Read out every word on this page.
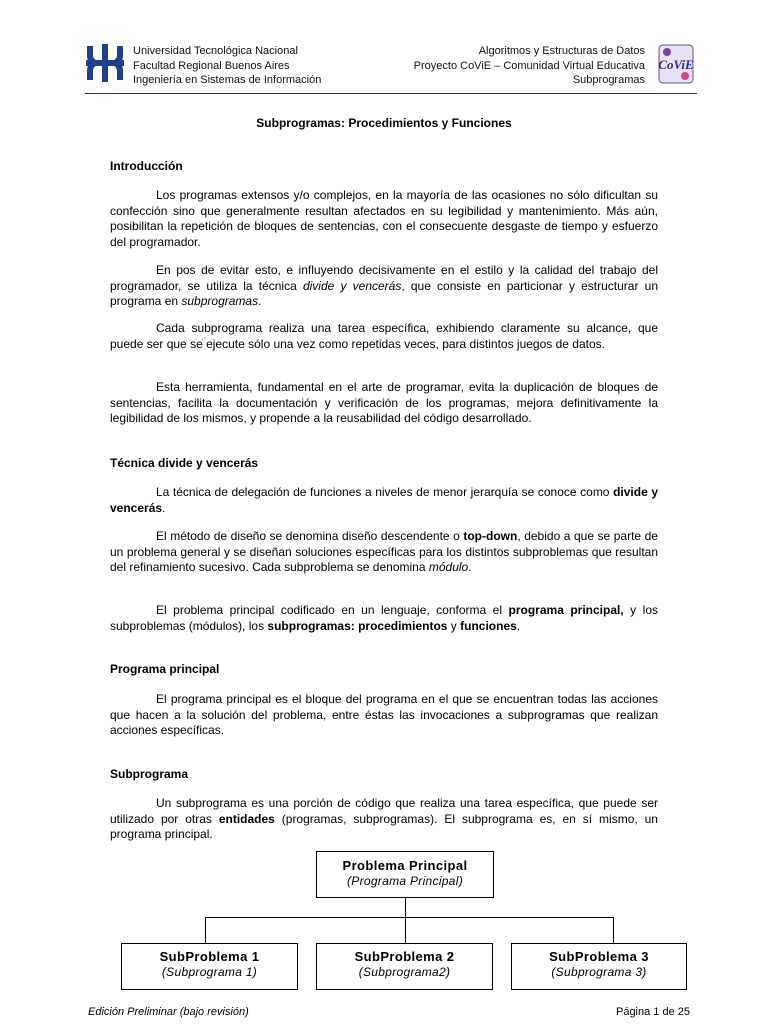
Universidad Tecnológica Nacional
Facultad Regional Buenos Aires
Ingeniería en Sistemas de Información
Algoritmos y Estructuras de Datos
Proyecto CoViE – Comunidad Virtual Educativa
Subprogramas
CoViE
Subprogramas: Procedimientos y Funciones
Introducción
Los programas extensos y/o complejos, en la mayoría de las ocasiones no sólo dificultan su confección sino que generalmente resultan afectados en su legibilidad y mantenimiento. Más aún, posibilitan la repetición de bloques de sentencias, con el consecuente desgaste de tiempo y esfuerzo del programador.
En pos de evitar esto, e influyendo decisivamente en el estilo y la calidad del trabajo del programador, se utiliza la técnica divide y vencerás, que consiste en particionar y estructurar un programa en subprogramas.
Cada subprograma realiza una tarea específica, exhibiendo claramente su alcance, que puede ser que se ejecute sólo una vez como repetidas veces, para distintos juegos de datos.
Esta herramienta, fundamental en el arte de programar, evita la duplicación de bloques de sentencias, facilita la documentación y verificación de los programas, mejora definitivamente la legibilidad de los mismos, y propende a la reusabilidad del código desarrollado.
Técnica divide y vencerás
La técnica de delegación de funciones a niveles de menor jerarquía se conoce como divide y vencerás.
El método de diseño se denomina diseño descendente o top-down, debido a que se parte de un problema general y se diseñan soluciones específicas para los distintos subproblemas que resultan del refinamiento sucesivo. Cada subproblema se denomina módulo.
El problema principal codificado en un lenguaje, conforma el programa principal, y los subproblemas (módulos), los subprogramas: procedimientos y funciones.
Programa principal
El programa principal es el bloque del programa en el que se encuentran todas las acciones que hacen a la solución del problema, entre éstas las invocaciones a subprogramas que realizan acciones específicas.
Subprograma
Un subprograma es una porción de código que realiza una tarea específica, que puede ser utilizado por otras entidades (programas, subprogramas). El subprograma es, en sí mismo, un programa principal.
Problema Principal
(Programa Principal)
SubProblema 1
(Subprograma 1)
SubProblema 2
(Subprograma2)
SubProblema 3
(Subprograma 3)
Edición Preliminar (bajo revisión)	Página 1 de 25
